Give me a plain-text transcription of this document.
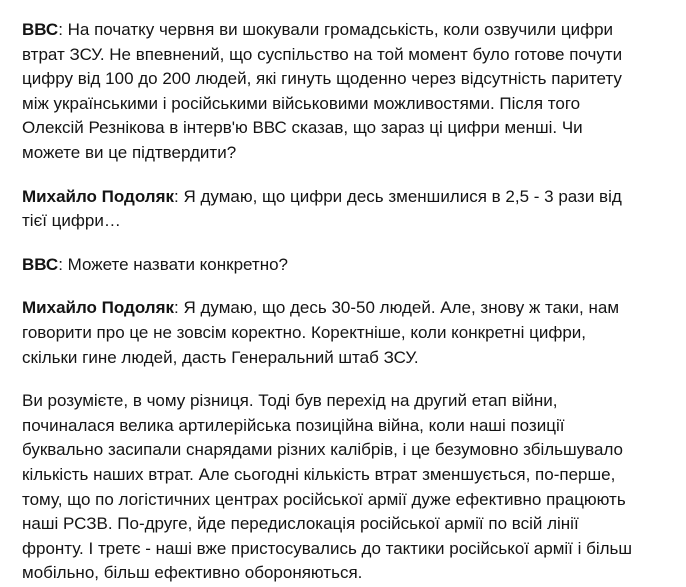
ВВС: На початку червня ви шокували громадськість, коли озвучили цифри втрат ЗСУ. Не впевнений, що суспільство на той момент було готове почути цифру від 100 до 200 людей, які гинуть щоденно через відсутність паритету між українськими і російськими військовими можливостями. Після того Олексій Резнікова в інтерв'ю ВВС сказав, що зараз ці цифри менші. Чи можете ви це підтвердити?

Михайло Подоляк: Я думаю, що цифри десь зменшилися в 2,5 - 3 рази від тієї цифри…

ВВС: Можете назвати конкретно?

Михайло Подоляк: Я думаю, що десь 30-50 людей. Але, знову ж таки, нам говорити про це не зовсім коректно. Коректніше, коли конкретні цифри, скільки гине людей, дасть Генеральний штаб ЗСУ.

Ви розумієте, в чому різниця. Тоді був перехід на другий етап війни, починалася велика артилерійська позиційна війна, коли наші позиції буквально засипали снарядами різних калібрів, і це безумовно збільшувало кількість наших втрат. Але сьогодні кількість втрат зменшується, по-перше, тому, що по логістичних центрах російської армії дуже ефективно працюють наші РСЗВ. По-друге, йде передислокація російської армії по всій лінії фронту. І третє - наші вже пристосувались до тактики російської армії і більш мобільно, більш ефективно обороняються.
